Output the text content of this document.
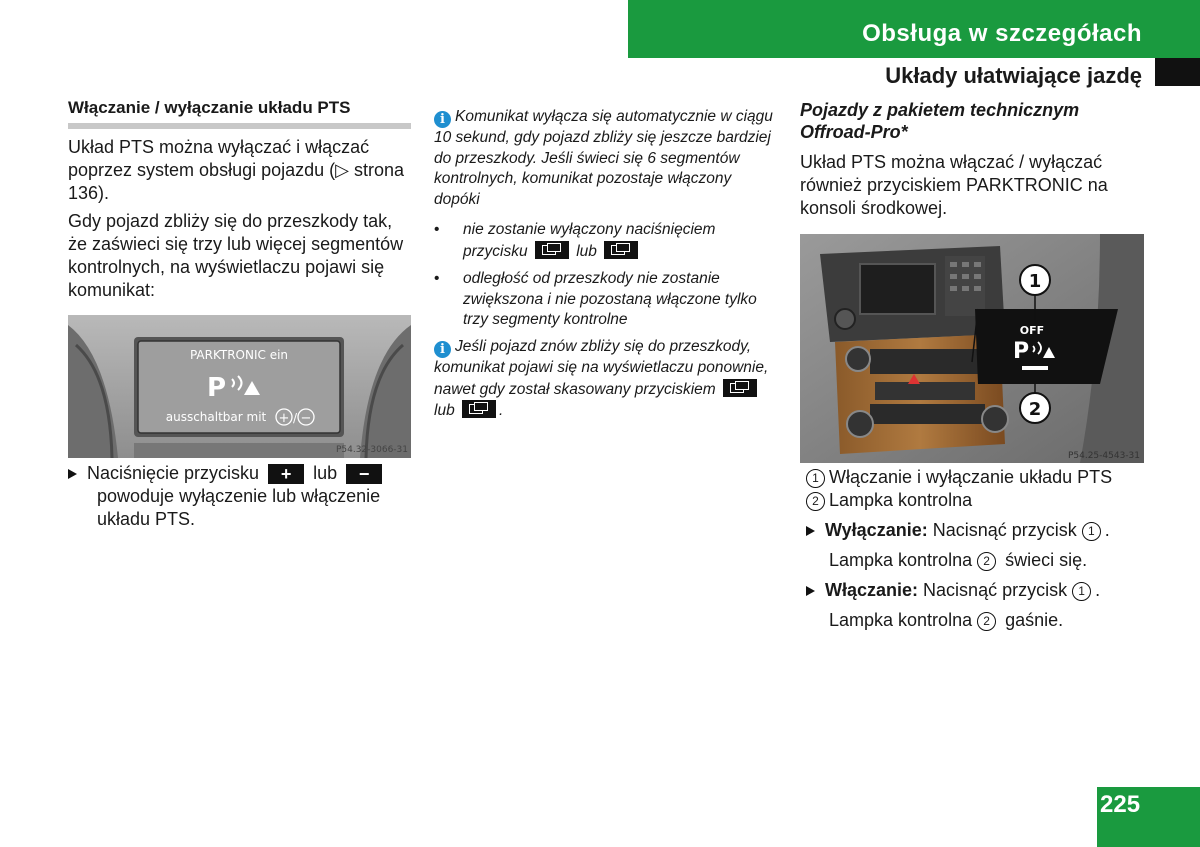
Obsługa w szczegółach
Układy ułatwiające jazdę
Włączanie / wyłączanie układu PTS
Układ PTS można wyłączać i włączać poprzez system obsługi pojazdu (▷ strona 136).
Gdy pojazd zbliży się do przeszkody tak, że zaświeci się trzy lub więcej segmentów kontrolnych, na wyświetlaczu pojawi się komunikat:
PARKTRONIC ein
P
ausschaltbar mit + / −
P54.32-3066-31
Naciśnięcie przycisku + lub −
powoduje wyłączenie lub włączenie układu PTS.
i Komunikat wyłącza się automatycznie w ciągu 10 sekund, gdy pojazd zbliży się jeszcze bardziej do przeszkody. Jeśli świeci się 6 segmentów kontrolnych, komunikat pozostaje włączony dopóki
• nie zostanie wyłączony naciśnięciem przycisku	lub
• odległość od przeszkody nie zostanie zwiększona i nie pozostaną włączone tylko trzy segmenty kontrolne
i Jeśli pojazd znów zbliży się do przeszkody, komunikat pojawi się na wyświetlaczu ponownie, nawet gdy został skasowany przyciskiem  lub	.
Pojazdy z pakietem technicznym Offroad-Pro*
Układ PTS można włączać / wyłączać również przyciskiem PARKTRONIC na konsoli środkowej.
1
OFF
P
2
P54.25-4543-31
1 Włączanie i wyłączanie układu PTS
2 Lampka kontrolna
Wyłączanie: Nacisnąć przycisk 1 .
Lampka kontrolna 2 świeci się.
Włączanie: Nacisnąć przycisk 1 .
Lampka kontrolna 2 gaśnie.
225
